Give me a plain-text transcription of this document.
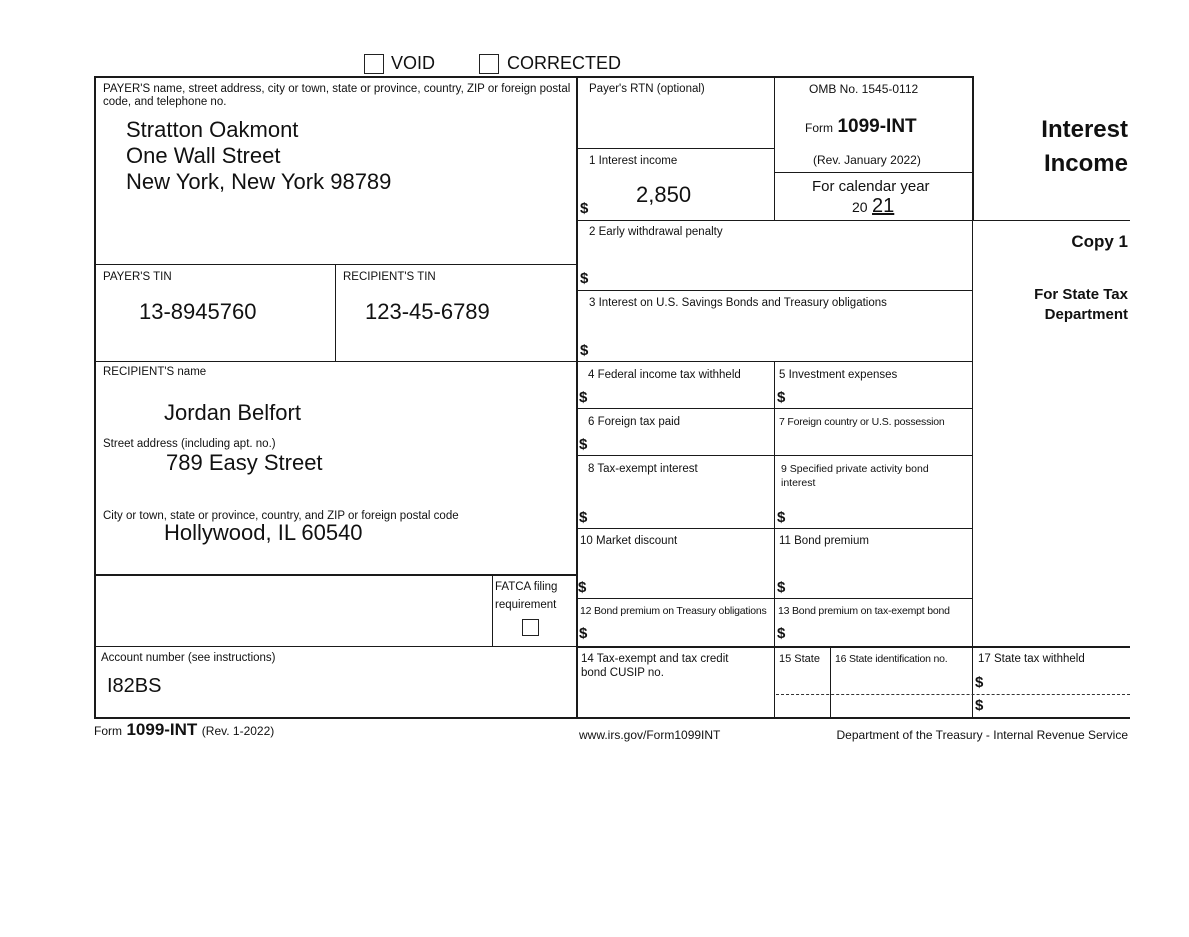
VOID	CORRECTED
PAYER'S name, street address, city or town, state or province, country, ZIP or foreign postal code, and telephone no.
Stratton Oakmont
One Wall Street
New York, New York 98789
PAYER'S TIN
13-8945760
RECIPIENT'S TIN
123-45-6789
RECIPIENT'S name
Jordan Belfort
Street address (including apt. no.)
789 Easy Street
City or town, state or province, country, and ZIP or foreign postal code
Hollywood, IL 60540
FATCA filing
requirement
Account number (see instructions)
I82BS
Payer's RTN (optional)	OMB No. 1545-0112
Form 1099-INT
(Rev. January 2022)
For calendar year
20 21
1 Interest income
$
2,850
2 Early withdrawal penalty
$
3 Interest on U.S. Savings Bonds and Treasury obligations
$
4 Federal income tax withheld
$
5 Investment expenses
$
6 Foreign tax paid
$
7 Foreign country or U.S. possession
8 Tax-exempt interest
$
9 Specified private activity bond interest
$
10 Market discount
$
11 Bond premium
$
12 Bond premium on Treasury obligations
$
13 Bond premium on tax-exempt bond
$
14 Tax-exempt and tax credit bond CUSIP no.
15 State 16 State identification no.	17 State tax withheld
$
$
Interest
Income
Copy 1
For State Tax
Department
Form 1099-INT (Rev. 1-2022)	www.irs.gov/Form1099INT	Department of the Treasury - Internal Revenue Service
